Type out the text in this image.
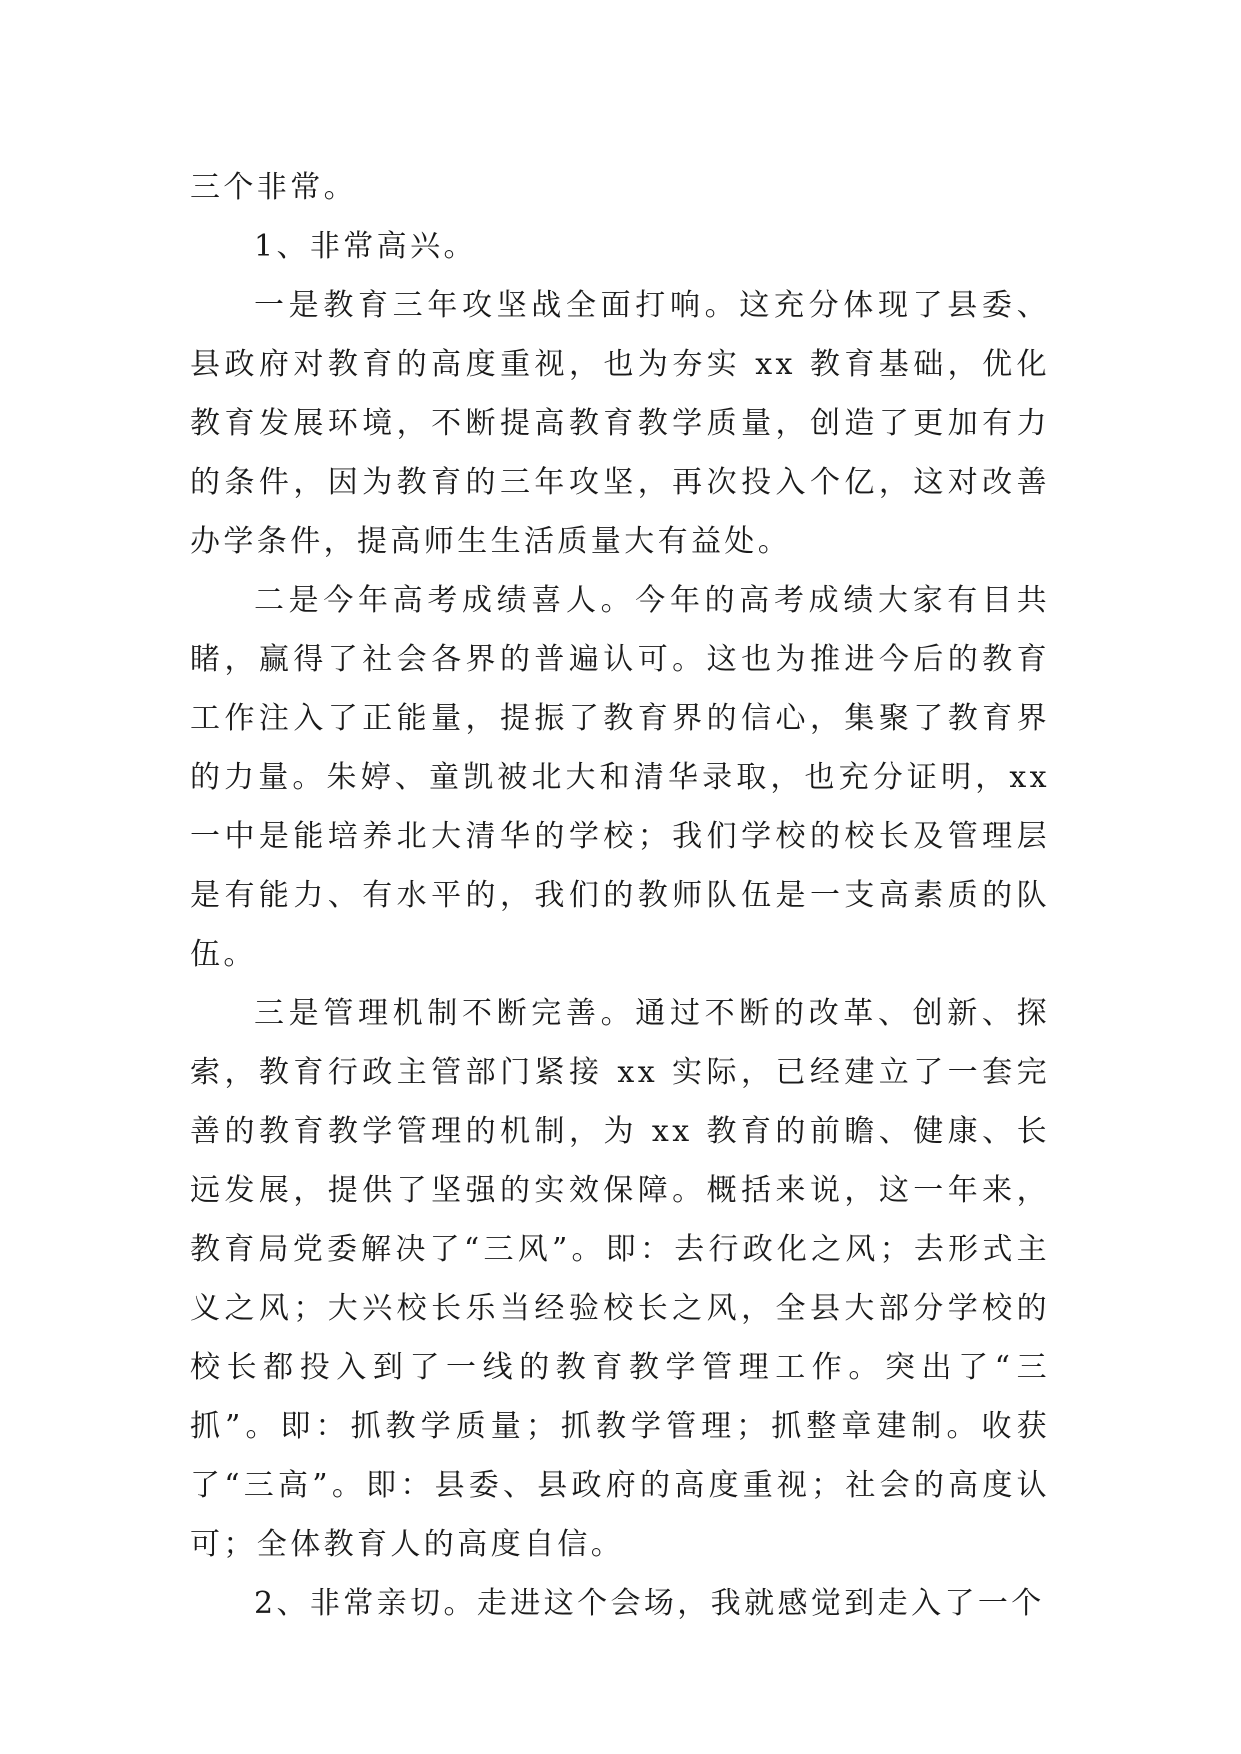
三个非常。

1、非常高兴。

一是教育三年攻坚战全面打响。这充分体现了县委、县政府对教育的高度重视，也为夯实 xx 教育基础，优化教育发展环境，不断提高教育教学质量，创造了更加有力的条件，因为教育的三年攻坚，再次投入个亿，这对改善办学条件，提高师生生活质量大有益处。

二是今年高考成绩喜人。今年的高考成绩大家有目共睹，赢得了社会各界的普遍认可。这也为推进今后的教育工作注入了正能量，提振了教育界的信心，集聚了教育界的力量。朱婷、童凯被北大和清华录取，也充分证明，xx 一中是能培养北大清华的学校；我们学校的校长及管理层是有能力、有水平的，我们的教师队伍是一支高素质的队伍。

三是管理机制不断完善。通过不断的改革、创新、探索，教育行政主管部门紧接 xx 实际，已经建立了一套完善的教育教学管理的机制，为 xx 教育的前瞻、健康、长远发展，提供了坚强的实效保障。概括来说，这一年来，教育局党委解决了“三风”。即：去行政化之风；去形式主义之风；大兴校长乐当经验校长之风，全县大部分学校的校长都投入到了一线的教育教学管理工作。突出了“三抓”。即：抓教学质量；抓教学管理；抓整章建制。收获了“三高”。即：县委、县政府的高度重视；社会的高度认可；全体教育人的高度自信。

2、非常亲切。走进这个会场，我就感觉到走入了一个
